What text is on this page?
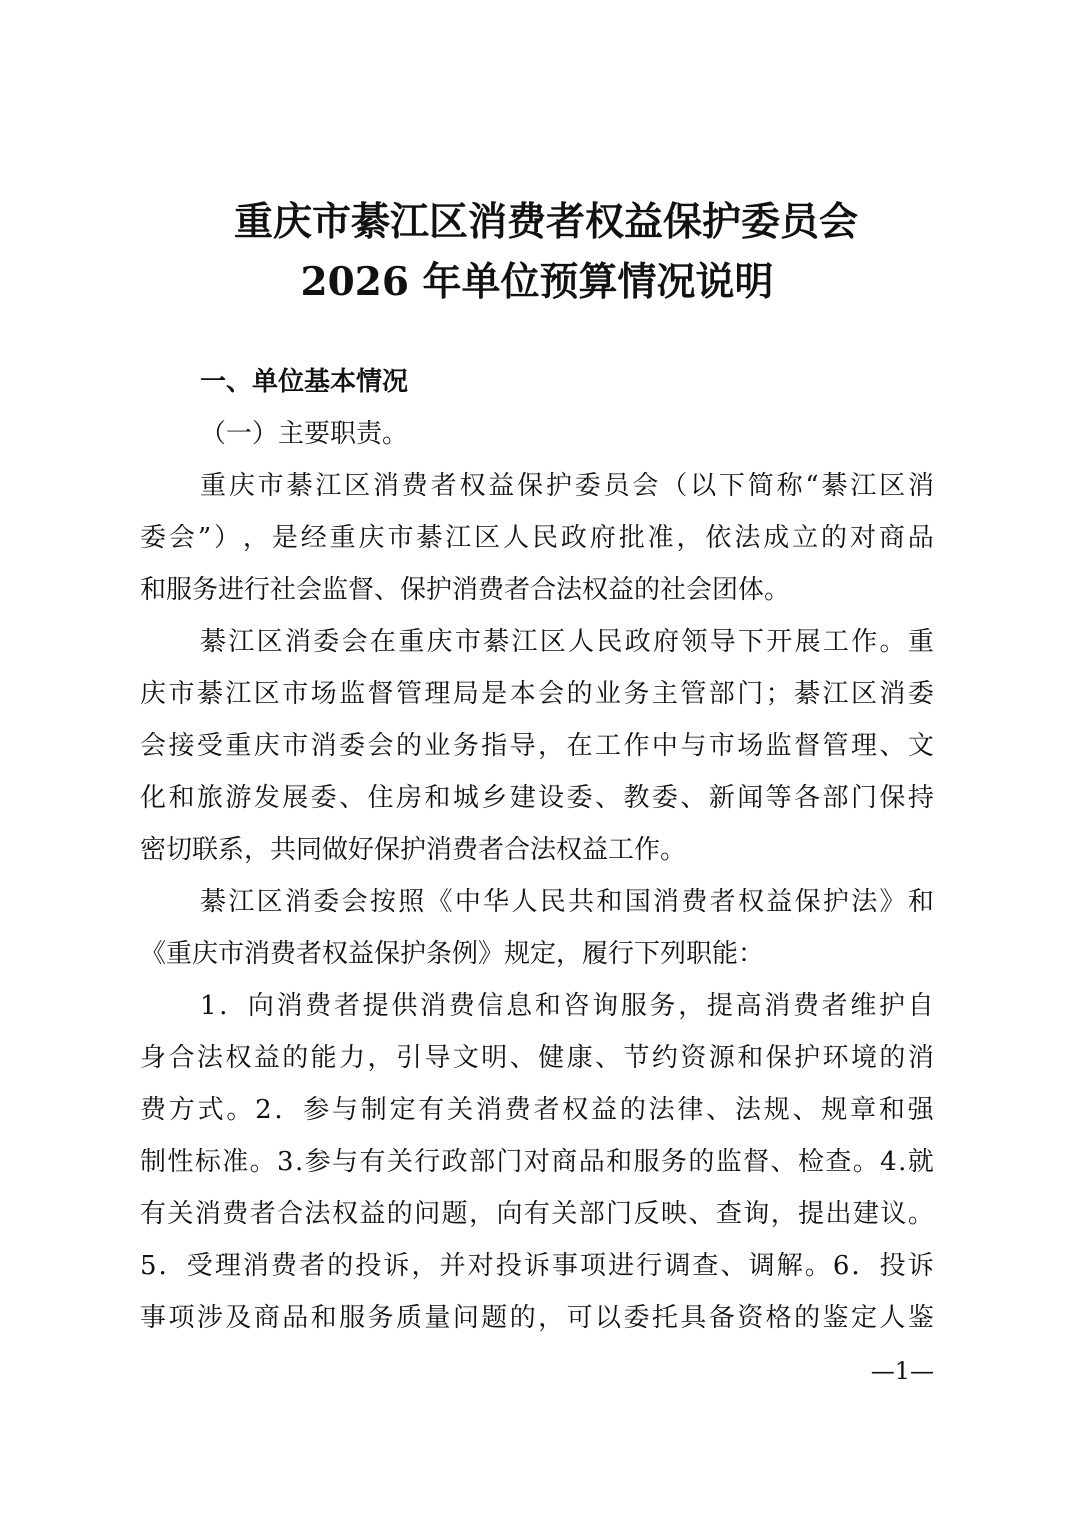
重庆市綦江区消费者权益保护委员会
2026 年单位预算情况说明
一、单位基本情况
（一）主要职责。
重 庆 市 綦 江 区 消 费 者 权 益 保 护 委 员 会 （ 以 下 简 称 “ 綦 江 区 消
委 会 ” ） ， 是 经 重 庆 市 綦 江 区 人 民 政 府 批 准 ， 依 法 成 立 的 对 商 品
和服务进行社会监督、保护消费者合法权益的社会团体。
綦 江 区 消 委 会 在 重 庆 市 綦 江 区 人 民 政 府 领 导 下 开 展 工 作 。 重
庆 市 綦 江 区 市 场 监 督 管 理 局 是 本 会 的 业 务 主 管 部 门 ； 綦 江 区 消 委
会 接 受 重 庆 市 消 委 会 的 业 务 指 导 ， 在 工 作 中 与 市 场 监 督 管 理 、 文
化 和 旅 游 发 展 委 、 住 房 和 城 乡 建 设 委 、 教 委 、 新 闻 等 各 部 门 保 持
密切联系，共同做好保护消费者合法权益工作。
綦 江 区 消 委 会 按 照 《 中 华 人 民 共 和 国 消 费 者 权 益 保 护 法 》 和
《重庆市消费者权益保护条例》规定，履行下列职能：
1 ． 向 消 费 者 提 供 消 费 信 息 和 咨 询 服 务 ， 提 高 消 费 者 维 护 自
身 合 法 权 益 的 能 力 ， 引 导 文 明 、 健 康 、 节 约 资 源 和 保 护 环 境 的 消
费 方 式 。 2 ． 参 与 制 定 有 关 消 费 者 权 益 的 法 律 、 法 规 、 规 章 和 强
制 性 标 准 。 3 . 参 与 有 关 行 政 部 门 对 商 品 和 服 务 的 监 督 、 检 查 。 4 . 就
有 关 消 费 者 合 法 权 益 的 问 题 ， 向 有 关 部 门 反 映 、 查 询 ， 提 出 建 议 。
5 ． 受 理 消 费 者 的 投 诉 ， 并 对 投 诉 事 项 进 行 调 查 、 调 解 。 6 ． 投 诉
事 项 涉 及 商 品 和 服 务 质 量 问 题 的 ， 可 以 委 托 具 备 资 格 的 鉴 定 人 鉴
—1—
